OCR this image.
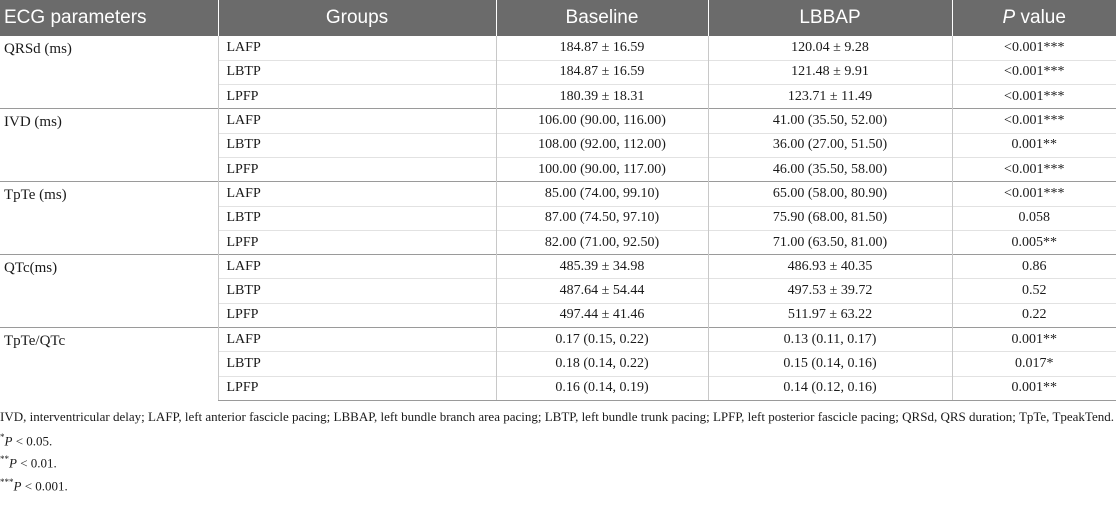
ECG parameters	Groups	Baseline	LBBAP	P value
QRSd (ms)	LAFP	184.87 ± 16.59	120.04 ± 9.28	<0.001***
	LBTP	184.87 ± 16.59	121.48 ± 9.91	<0.001***
	LPFP	180.39 ± 18.31	123.71 ± 11.49	<0.001***
IVD (ms)	LAFP	106.00 (90.00, 116.00)	41.00 (35.50, 52.00)	<0.001***
	LBTP	108.00 (92.00, 112.00)	36.00 (27.00, 51.50)	0.001**
	LPFP	100.00 (90.00, 117.00)	46.00 (35.50, 58.00)	<0.001***
TpTe (ms)	LAFP	85.00 (74.00, 99.10)	65.00 (58.00, 80.90)	<0.001***
	LBTP	87.00 (74.50, 97.10)	75.90 (68.00, 81.50)	0.058
	LPFP	82.00 (71.00, 92.50)	71.00 (63.50, 81.00)	0.005**
QTc(ms)	LAFP	485.39 ± 34.98	486.93 ± 40.35	0.86
	LBTP	487.64 ± 54.44	497.53 ± 39.72	0.52
	LPFP	497.44 ± 41.46	511.97 ± 63.22	0.22
TpTe/QTc	LAFP	0.17 (0.15, 0.22)	0.13 (0.11, 0.17)	0.001**
	LBTP	0.18 (0.14, 0.22)	0.15 (0.14, 0.16)	0.017*
	LPFP	0.16 (0.14, 0.19)	0.14 (0.12, 0.16)	0.001**

IVD, interventricular delay; LAFP, left anterior fascicle pacing; LBBAP, left bundle branch area pacing; LBTP, left bundle trunk pacing; LPFP, left posterior fascicle pacing; QRSd, QRS duration; TpTe, TpeakTend.

*P < 0.05.

**P < 0.01.

***P < 0.001.
